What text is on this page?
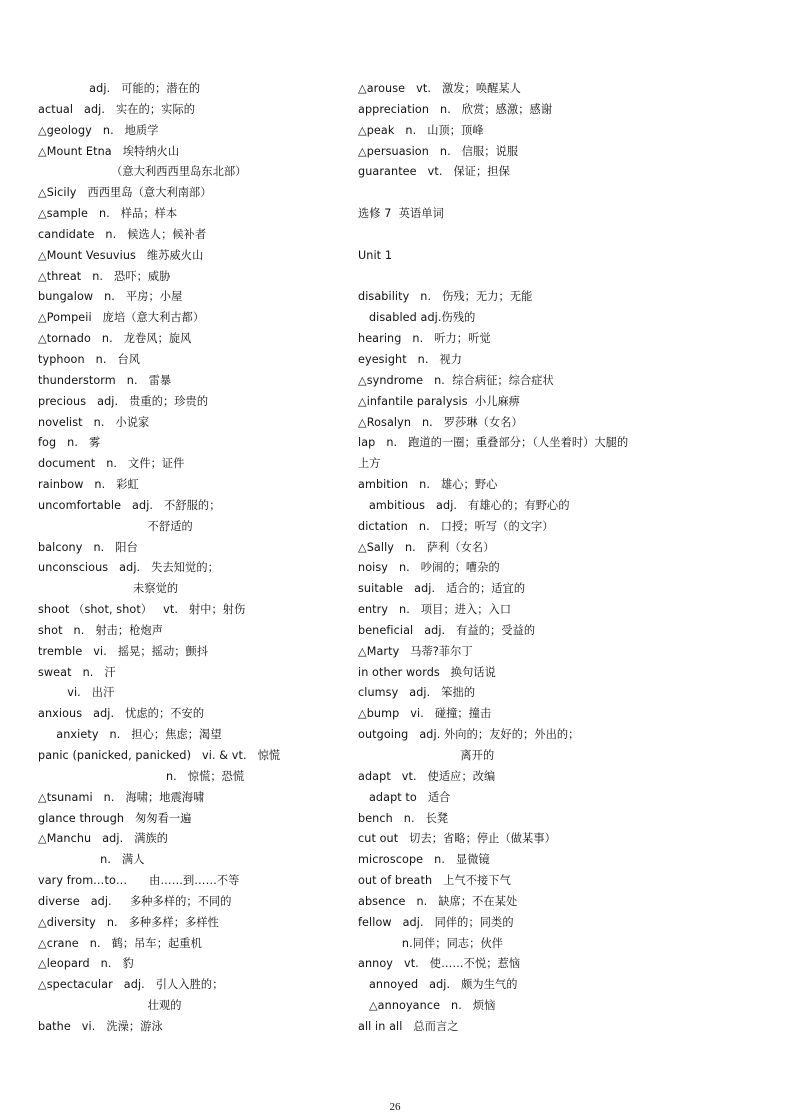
adj.   可能的；潜在的
actual   adj.   实在的；实际的
△geology   n.   地质学
△Mount Etna   埃特纳火山
（意大利西西里岛东北部）
△Sicily   西西里岛（意大利南部）
△sample   n.   样品；样本
candidate   n.   候选人；候补者
△Mount Vesuvius   维苏威火山
△threat   n.   恐吓；威胁
bungalow   n.   平房；小屋
△Pompeii   庞培（意大利古都）
△tornado   n.   龙卷风；旋风
typhoon   n.   台风
thunderstorm   n.   雷暴
precious   adj.   贵重的；珍贵的
novelist   n.   小说家
fog   n.   雾
document   n.   文件；证件
rainbow   n.   彩虹
uncomfortable   adj.   不舒服的；
不舒适的
balcony   n.   阳台
unconscious   adj.   失去知觉的；
未察觉的
shoot （shot, shot）   vt.   射中；射伤
shot   n.   射击；枪炮声
tremble   vi.   摇晃；摇动；颤抖
sweat   n.   汗
vi.   出汗
anxious   adj.   忧虑的；不安的
anxiety   n.   担心；焦虑；渴望
panic (panicked, panicked)   vi. & vt.   惊慌
n.   惊慌；恐慌
△tsunami   n.   海啸；地震海啸
glance through   匆匆看一遍
△Manchu   adj.   满族的
n.   满人
vary from…to…      由……到……不等
diverse   adj.     多种多样的；不同的
△diversity   n.   多种多样；多样性
△crane   n.   鹤；吊车；起重机
△leopard   n.   豹
△spectacular   adj.   引人入胜的；
壮观的
bathe   vi.   洗澡；游泳
△arouse   vt.   激发；唤醒某人
appreciation   n.   欣赏；感激；感谢
△peak   n.   山顶；顶峰
△persuasion   n.   信服；说服
guarantee   vt.   保证；担保
选修 7  英语单词
Unit 1
disability   n.   伤残；无力；无能
disabled adj.伤残的
hearing   n.   听力；听觉
eyesight   n.   视力
△syndrome   n.  综合病征；综合症状
△infantile paralysis  小儿麻痹
△Rosalyn   n.   罗莎琳（女名）
lap   n.   跑道的一圈；重叠部分；（人坐着时）大腿的
上方
ambition   n.   雄心；野心
ambitious   adj.   有雄心的；有野心的
dictation   n.   口授；听写（的文字）
△Sally   n.   萨利（女名）
noisy   n.   吵闹的；嘈杂的
suitable   adj.   适合的；适宜的
entry   n.   项目；进入；入口
beneficial   adj.   有益的；受益的
△Marty   马蒂?菲尔丁
in other words   换句话说
clumsy   adj.   笨拙的
△bump   vi.   碰撞；撞击
outgoing   adj. 外向的；友好的；外出的；
离开的
adapt   vt.   使适应；改编
adapt to   适合
bench   n.   长凳
cut out   切去；省略；停止（做某事）
microscope   n.   显微镜
out of breath   上气不接下气
absence   n.   缺席；不在某处
fellow   adj.   同伴的；同类的
n.同伴；同志；伙伴
annoy   vt.   使……不悦；惹恼
annoyed   adj.   颇为生气的
△annoyance   n.   烦恼
all in all   总而言之
26
